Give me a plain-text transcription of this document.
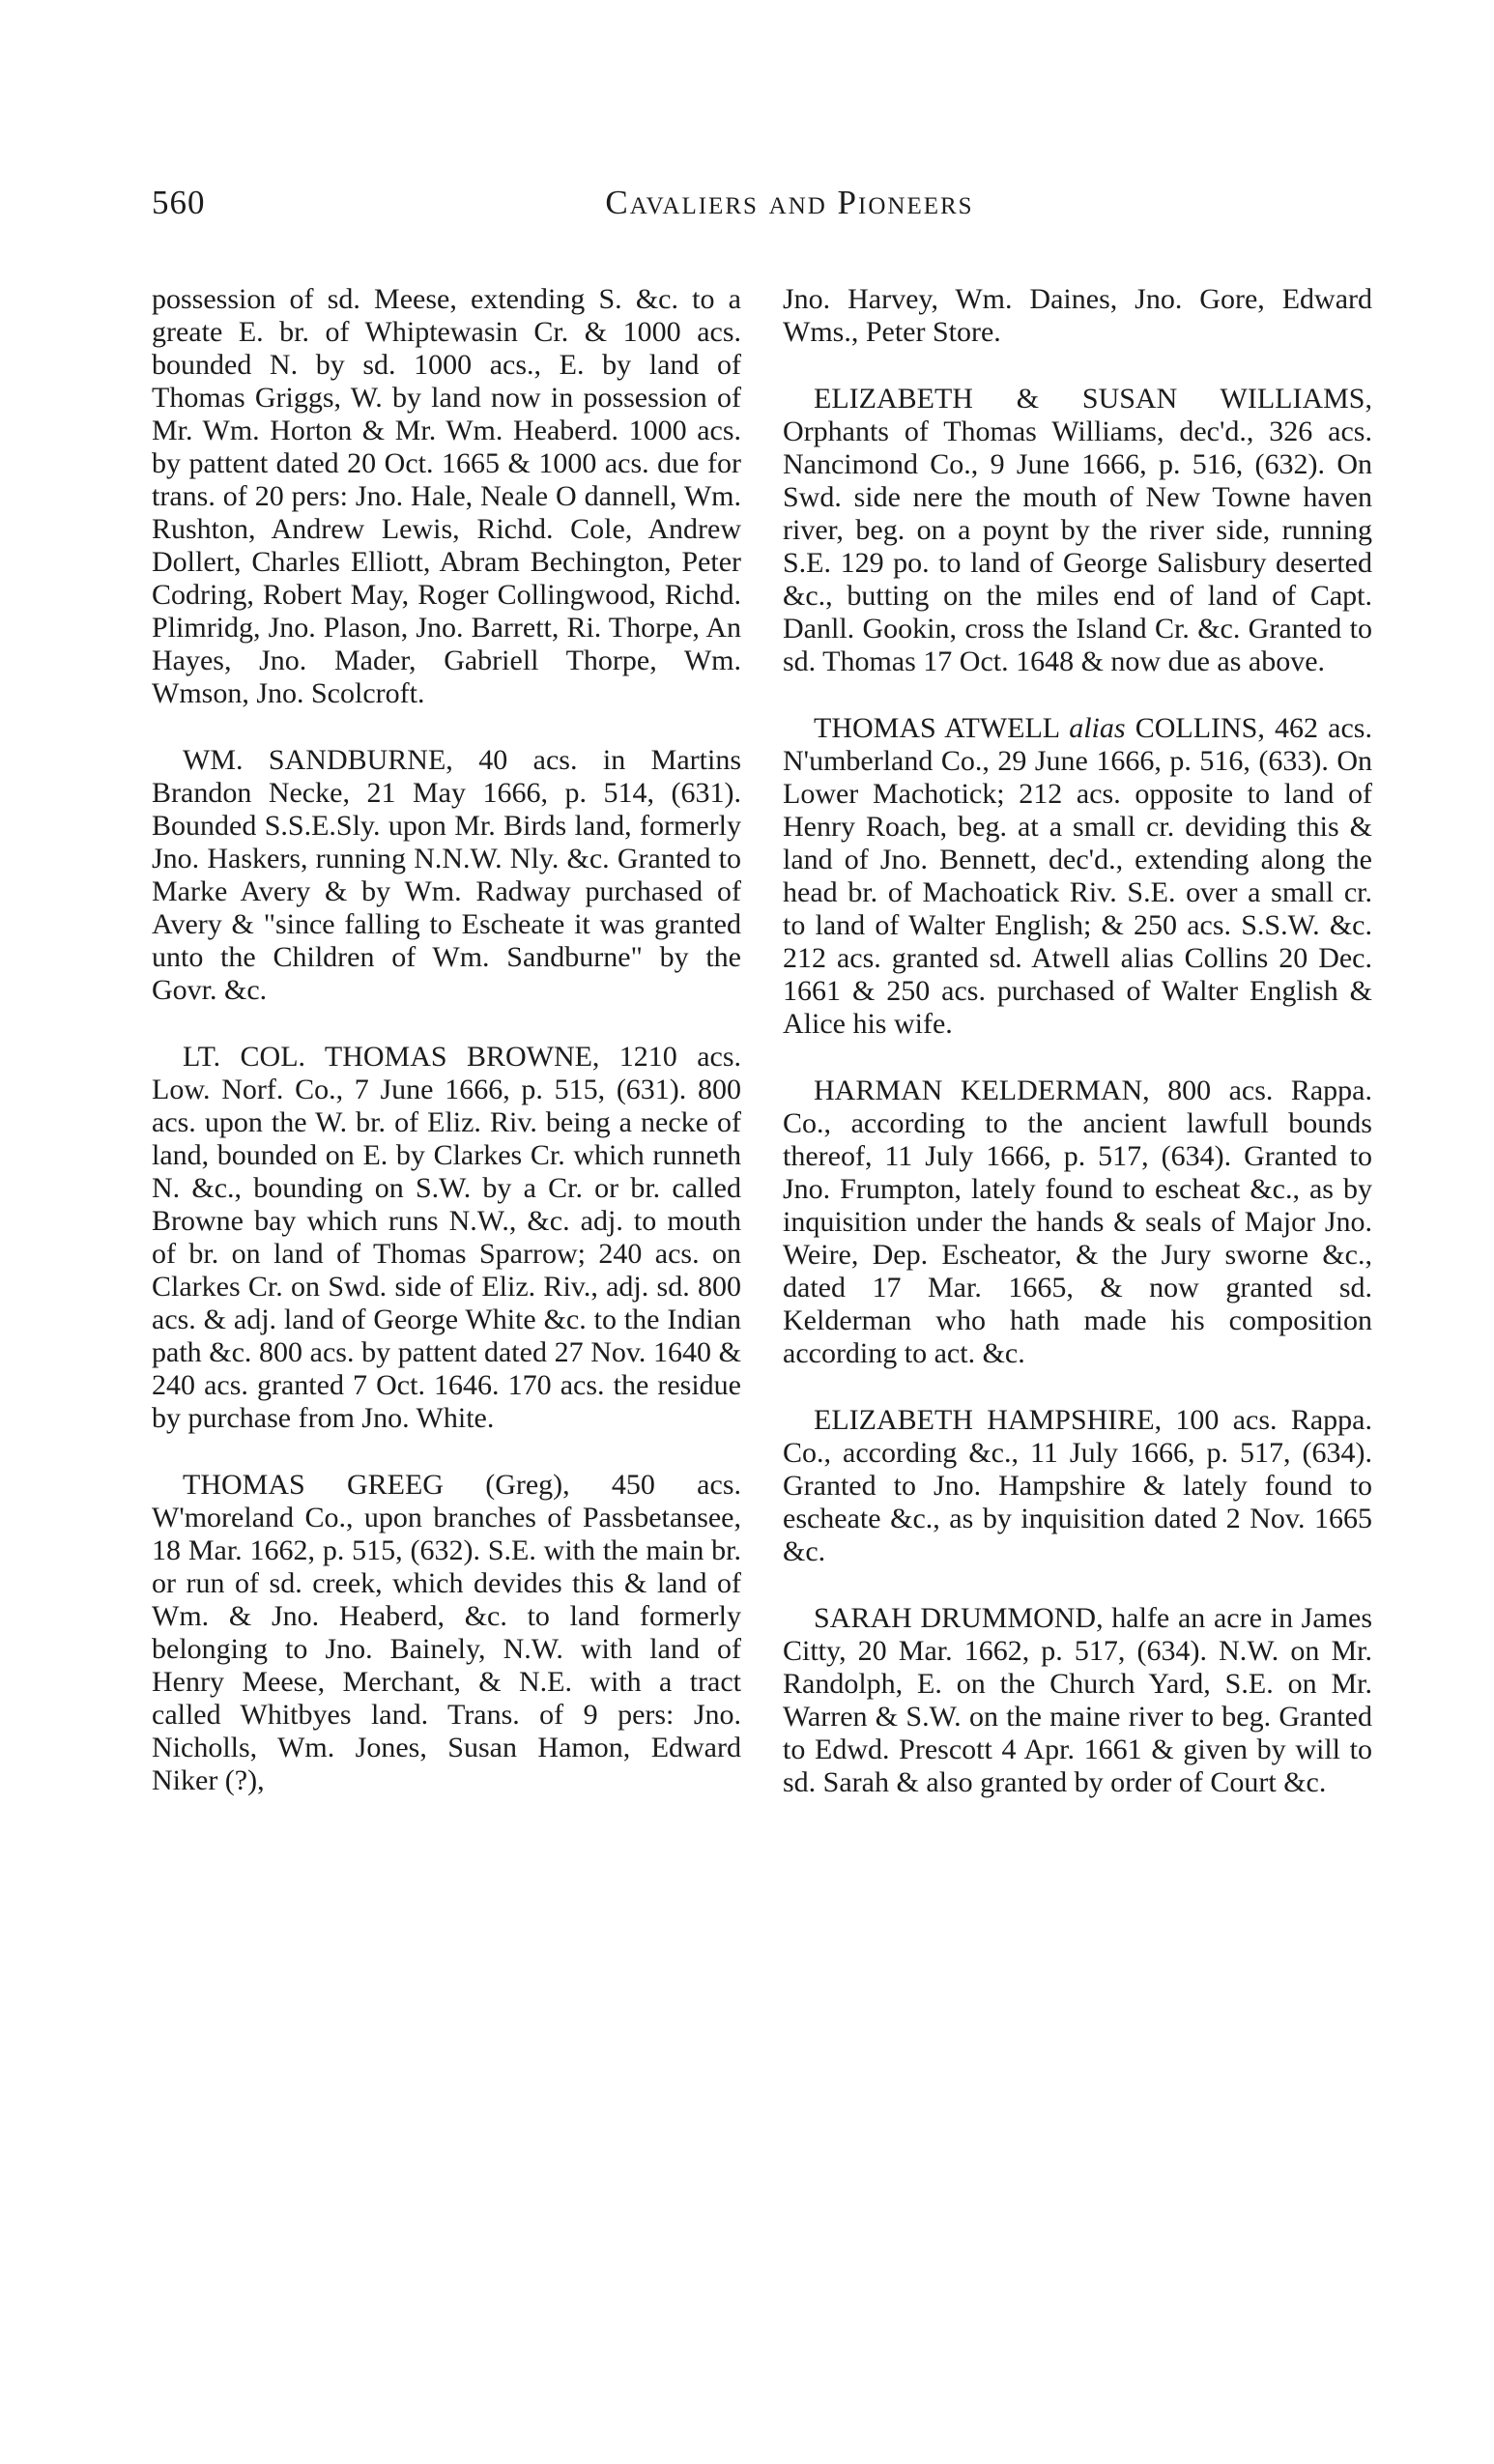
560	Cavaliers and Pioneers

possession of sd. Meese, extending S. &c. to a greate E. br. of Whiptewasin Cr. & 1000 acs. bounded N. by sd. 1000 acs., E. by land of Thomas Griggs, W. by land now in possession of Mr. Wm. Horton & Mr. Wm. Heaberd. 1000 acs. by pattent dated 20 Oct. 1665 & 1000 acs. due for trans. of 20 pers: Jno. Hale, Neale O dannell, Wm. Rushton, Andrew Lewis, Richd. Cole, Andrew Dollert, Charles Elliott, Abram Bechington, Peter Codring, Robert May, Roger Collingwood, Richd. Plimridg, Jno. Plason, Jno. Barrett, Ri. Thorpe, An Hayes, Jno. Mader, Gabriell Thorpe, Wm. Wmson, Jno. Scolcroft.

WM. SANDBURNE, 40 acs. in Martins Brandon Necke, 21 May 1666, p. 514, (631). Bounded S.S.E.Sly. upon Mr. Birds land, formerly Jno. Haskers, running N.N.W. Nly. &c. Granted to Marke Avery & by Wm. Radway purchased of Avery & "since falling to Escheate it was granted unto the Children of Wm. Sandburne" by the Govr. &c.

LT. COL. THOMAS BROWNE, 1210 acs. Low. Norf. Co., 7 June 1666, p. 515, (631). 800 acs. upon the W. br. of Eliz. Riv. being a necke of land, bounded on E. by Clarkes Cr. which runneth N. &c., bounding on S.W. by a Cr. or br. called Browne bay which runs N.W., &c. adj. to mouth of br. on land of Thomas Sparrow; 240 acs. on Clarkes Cr. on Swd. side of Eliz. Riv., adj. sd. 800 acs. & adj. land of George White &c. to the Indian path &c. 800 acs. by pattent dated 27 Nov. 1640 & 240 acs. granted 7 Oct. 1646. 170 acs. the residue by purchase from Jno. White.

THOMAS GREEG (Greg), 450 acs. W'moreland Co., upon branches of Passbetansee, 18 Mar. 1662, p. 515, (632). S.E. with the main br. or run of sd. creek, which devides this & land of Wm. & Jno. Heaberd, &c. to land formerly belonging to Jno. Bainely, N.W. with land of Henry Meese, Merchant, & N.E. with a tract called Whitbyes land. Trans. of 9 pers: Jno. Nicholls, Wm. Jones, Susan Hamon, Edward Niker (?),

Jno. Harvey, Wm. Daines, Jno. Gore, Edward Wms., Peter Store.

ELIZABETH & SUSAN WILLIAMS, Orphants of Thomas Williams, dec'd., 326 acs. Nancimond Co., 9 June 1666, p. 516, (632). On Swd. side nere the mouth of New Towne haven river, beg. on a poynt by the river side, running S.E. 129 po. to land of George Salisbury deserted &c., butting on the miles end of land of Capt. Danll. Gookin, cross the Island Cr. &c. Granted to sd. Thomas 17 Oct. 1648 & now due as above.

THOMAS ATWELL alias COLLINS, 462 acs. N'umberland Co., 29 June 1666, p. 516, (633). On Lower Machotick; 212 acs. opposite to land of Henry Roach, beg. at a small cr. deviding this & land of Jno. Bennett, dec'd., extending along the head br. of Machoatick Riv. S.E. over a small cr. to land of Walter English; & 250 acs. S.S.W. &c. 212 acs. granted sd. Atwell alias Collins 20 Dec. 1661 & 250 acs. purchased of Walter English & Alice his wife.

HARMAN KELDERMAN, 800 acs. Rappa. Co., according to the ancient lawfull bounds thereof, 11 July 1666, p. 517, (634). Granted to Jno. Frumpton, lately found to escheat &c., as by inquisition under the hands & seals of Major Jno. Weire, Dep. Escheator, & the Jury sworne &c., dated 17 Mar. 1665, & now granted sd. Kelderman who hath made his composition according to act. &c.

ELIZABETH HAMPSHIRE, 100 acs. Rappa. Co., according &c., 11 July 1666, p. 517, (634). Granted to Jno. Hampshire & lately found to escheate &c., as by inquisition dated 2 Nov. 1665 &c.

SARAH DRUMMOND, halfe an acre in James Citty, 20 Mar. 1662, p. 517, (634). N.W. on Mr. Randolph, E. on the Church Yard, S.E. on Mr. Warren & S.W. on the maine river to beg. Granted to Edwd. Prescott 4 Apr. 1661 & given by will to sd. Sarah & also granted by order of Court &c.
